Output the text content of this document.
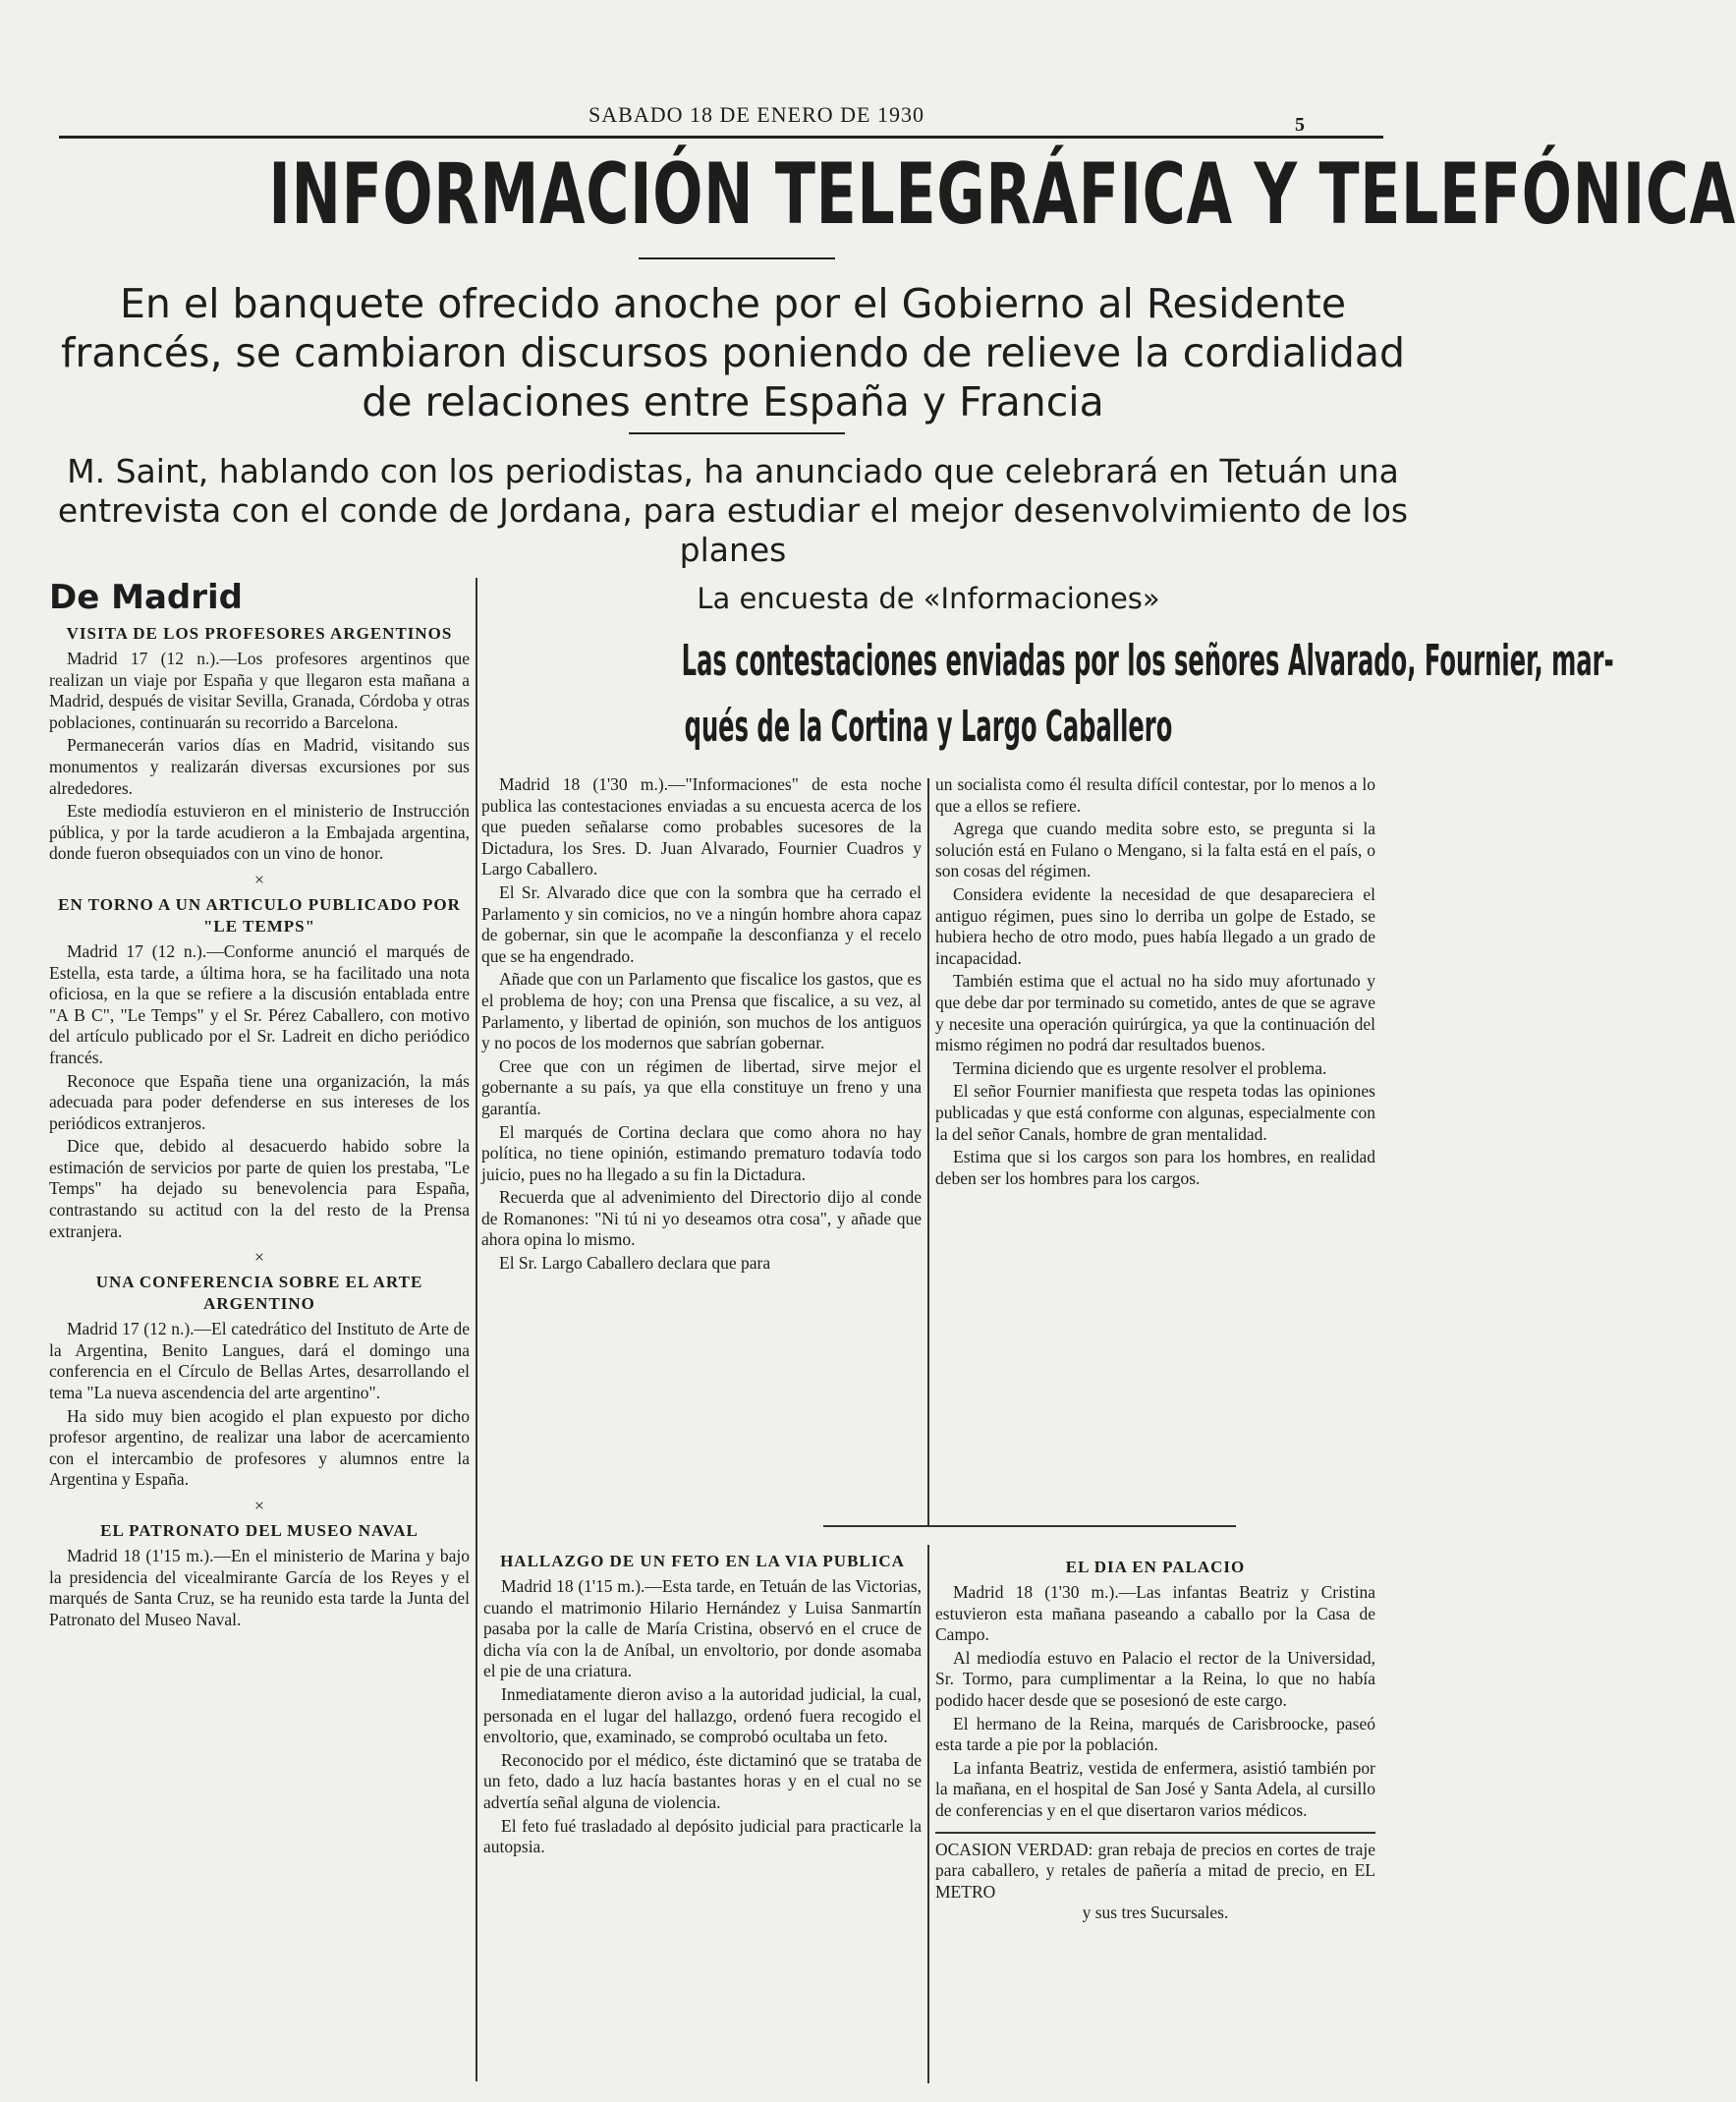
SABADO 18 DE ENERO DE 1930	5
INFORMACIÓN TELEGRÁFICA Y TELEFÓNICA
En el banquete ofrecido anoche por el Gobierno al Residente francés, se cambiaron discursos poniendo de relieve la cordialidad de relaciones entre España y Francia
M. Saint, hablando con los periodistas, ha anunciado que celebrará en Tetuán una entrevista con el conde de Jordana, para estudiar el mejor desenvolvimiento de los planes
De Madrid
VISITA DE LOS PROFESORES ARGENTINOS

Madrid 17 (12 n.).—Los profesores argentinos que realizan un viaje por España y que llegaron esta mañana a Madrid, después de visitar Sevilla, Granada, Córdoba y otras poblaciones, continuarán su recorrido a Barcelona.

Permanecerán varios días en Madrid, visitando sus monumentos y realizarán diversas excursiones por sus alrededores.

Este mediodía estuvieron en el ministerio de Instrucción pública, y por la tarde acudieron a la Embajada argentina, donde fueron obsequiados con un vino de honor.

×
EN TORNO A UN ARTICULO PUBLICADO POR "LE TEMPS"

Madrid 17 (12 n.).—Conforme anunció el marqués de Estella, esta tarde, a última hora, se ha facilitado una nota oficiosa, en la que se refiere a la discusión entablada entre "A B C", "Le Temps" y el Sr. Pérez Caballero, con motivo del artículo publicado por el Sr. Ladreit en dicho periódico francés.

Reconoce que España tiene una organización, la más adecuada para poder defenderse en sus intereses de los periódicos extranjeros.

Dice que, debido al desacuerdo habido sobre la estimación de servicios por parte de quien los prestaba, "Le Temps" ha dejado su benevolencia para España, contrastando su actitud con la del resto de la Prensa extranjera.

×
UNA CONFERENCIA SOBRE EL ARTE ARGENTINO

Madrid 17 (12 n.).—El catedrático del Instituto de Arte de la Argentina, Benito Langues, dará el domingo una conferencia en el Círculo de Bellas Artes, desarrollando el tema "La nueva ascendencia del arte argentino".

Ha sido muy bien acogido el plan expuesto por dicho profesor argentino, de realizar una labor de acercamiento con el intercambio de profesores y alumnos entre la Argentina y España.

×
EL PATRONATO DEL MUSEO NAVAL

Madrid 18 (1'15 m.).—En el ministerio de Marina y bajo la presidencia del vicealmirante García de los Reyes y el marqués de Santa Cruz, se ha reunido esta tarde la Junta del Patronato del Museo Naval.

La encuesta de «Informaciones»
Las contestaciones enviadas por los señores Alvarado, Fournier, mar-
qués de la Cortina y Largo Caballero

Madrid 18 (1'30 m.).—"Informaciones" de esta noche publica las contestaciones enviadas a su encuesta acerca de los que pueden señalarse como probables sucesores de la Dictadura, los Sres. D. Juan Alvarado, Fournier Cuadros y Largo Caballero.

El Sr. Alvarado dice que con la sombra que ha cerrado el Parlamento y sin comicios, no ve a ningún hombre ahora capaz de gobernar, sin que le acompañe la desconfianza y el recelo que se ha engendrado.

Añade que con un Parlamento que fiscalice los gastos, que es el problema de hoy; con una Prensa que fiscalice, a su vez, al Parlamento, y libertad de opinión, son muchos de los antiguos y no pocos de los modernos que sabrían gobernar.

Cree que con un régimen de libertad, sirve mejor el gobernante a su país, ya que ella constituye un freno y una garantía.

El marqués de Cortina declara que como ahora no hay política, no tiene opinión, estimando prematuro todavía todo juicio, pues no ha llegado a su fin la Dictadura.

Recuerda que al advenimiento del Directorio dijo al conde de Romanones: "Ni tú ni yo deseamos otra cosa", y añade que ahora opina lo mismo.

El Sr. Largo Caballero declara que para

un socialista como él resulta difícil contestar, por lo menos a lo que a ellos se refiere.

Agrega que cuando medita sobre esto, se pregunta si la solución está en Fulano o Mengano, si la falta está en el país, o son cosas del régimen.

Considera evidente la necesidad de que desapareciera el antiguo régimen, pues sino lo derriba un golpe de Estado, se hubiera hecho de otro modo, pues había llegado a un grado de incapacidad.

También estima que el actual no ha sido muy afortunado y que debe dar por terminado su cometido, antes de que se agrave y necesite una operación quirúrgica, ya que la continuación del mismo régimen no podrá dar resultados buenos.

Termina diciendo que es urgente resolver el problema.

El señor Fournier manifiesta que respeta todas las opiniones publicadas y que está conforme con algunas, especialmente con la del señor Canals, hombre de gran mentalidad.

Estima que si los cargos son para los hombres, en realidad deben ser los hombres para los cargos.

HALLAZGO DE UN FETO EN LA VIA PUBLICA

Madrid 18 (1'15 m.).—Esta tarde, en Tetuán de las Victorias, cuando el matrimonio Hilario Hernández y Luisa Sanmartín pasaba por la calle de María Cristina, observó en el cruce de dicha vía con la de Aníbal, un envoltorio, por donde asomaba el pie de una criatura.

Inmediatamente dieron aviso a la autoridad judicial, la cual, personada en el lugar del hallazgo, ordenó fuera recogido el envoltorio, que, examinado, se comprobó ocultaba un feto.

Reconocido por el médico, éste dictaminó que se trataba de un feto, dado a luz hacía bastantes horas y en el cual no se advertía señal alguna de violencia.

El feto fué trasladado al depósito judicial para practicarle la autopsia.

EL DIA EN PALACIO

Madrid 18 (1'30 m.).—Las infantas Beatriz y Cristina estuvieron esta mañana paseando a caballo por la Casa de Campo.

Al mediodía estuvo en Palacio el rector de la Universidad, Sr. Tormo, para cumplimentar a la Reina, lo que no había podido hacer desde que se posesionó de este cargo.

El hermano de la Reina, marqués de Carisbroocke, paseó esta tarde a pie por la población.

La infanta Beatriz, vestida de enfermera, asistió también por la mañana, en el hospital de San José y Santa Adela, al cursillo de conferencias y en el que disertaron varios médicos.

OCASION VERDAD: gran rebaja de precios en cortes de traje para caballero, y retales de pañería a mitad de precio, en EL METRO
y sus tres Sucursales.
